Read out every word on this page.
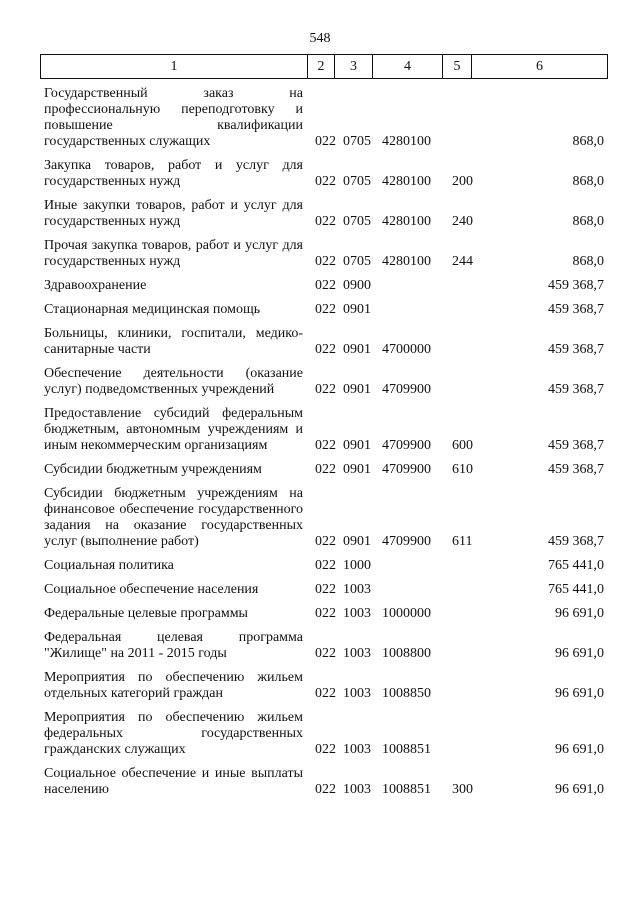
548
1	2	3	4	5	6
Государственный заказ на профессиональную переподготовку и повышение квалификации государственных служащих	022 0705 4280100	868,0
Закупка товаров, работ и услуг для государственных нужд	022 0705 4280100	200	868,0
Иные закупки товаров, работ и услуг для государственных нужд	022 0705 4280100	240	868,0
Прочая закупка товаров, работ и услуг для государственных нужд	022 0705 4280100	244	868,0
Здравоохранение	022 0900	459 368,7
Стационарная медицинская помощь	022 0901	459 368,7
Больницы, клиники, госпитали, медико-санитарные части	022 0901 4700000	459 368,7
Обеспечение деятельности (оказание услуг) подведомственных учреждений	022 0901 4709900	459 368,7
Предоставление субсидий федеральным бюджетным, автономным учреждениям и иным некоммерческим организациям	022 0901 4709900	600	459 368,7
Субсидии бюджетным учреждениям	022 0901 4709900	610	459 368,7
Субсидии бюджетным учреждениям на финансовое обеспечение государственного задания на оказание государственных услуг (выполнение работ)	022 0901 4709900	611	459 368,7
Социальная политика	022 1000	765 441,0
Социальное обеспечение населения	022 1003	765 441,0
Федеральные целевые программы	022 1003 1000000	96 691,0
Федеральная целевая программа "Жилище" на 2011 - 2015 годы	022 1003 1008800	96 691,0
Мероприятия по обеспечению жильем отдельных категорий граждан	022 1003 1008850	96 691,0
Мероприятия по обеспечению жильем федеральных государственных гражданских служащих	022 1003 1008851	96 691,0
Социальное обеспечение и иные выплаты населению	022 1003 1008851	300	96 691,0
